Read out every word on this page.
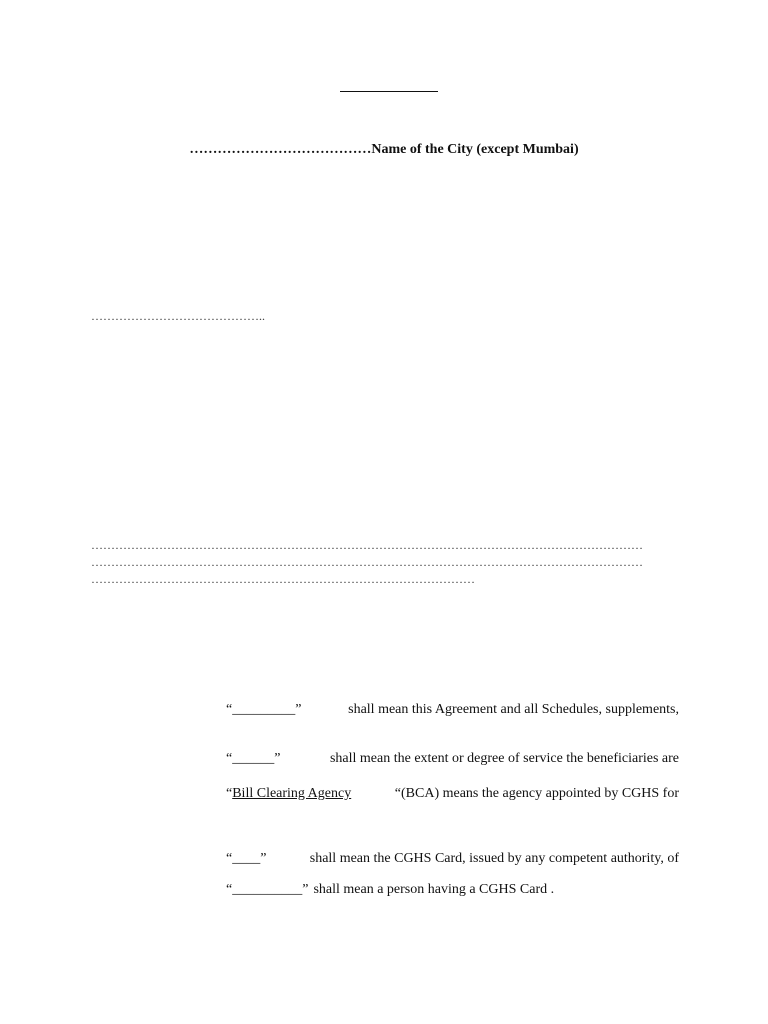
…………………………………Name of the City (except Mumbai)
……………………………………..
…………………………………………………………………………………………………………………………
…………………………………………………………………………………………………………………………
……………………………………………………………………………………
“_________”	shall mean this Agreement and all Schedules, supplements,
“______”	shall mean the extent or degree of service the beneficiaries are
“Bill Clearing Agency	“(BCA) means the agency appointed by CGHS for
“____”	shall mean the CGHS Card, issued by any competent authority, of
“__________” shall mean a person having a CGHS Card .
